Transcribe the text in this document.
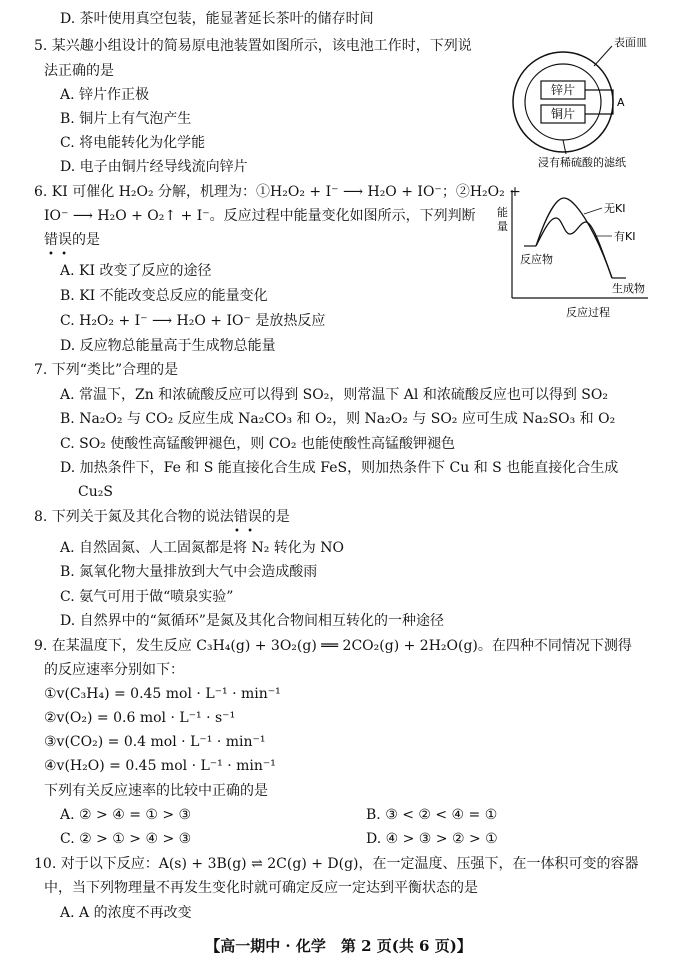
D. 茶叶使用真空包装，能显著延长茶叶的储存时间
5. 某兴趣小组设计的简易原电池装置如图所示，该电池工作时，下列说
法正确的是
A. 锌片作正极
B. 铜片上有气泡产生
C. 将电能转化为化学能
D. 电子由铜片经导线流向锌片
锌片
铜片
A
表面皿
浸有稀硫酸的滤纸
6. KI 可催化 H₂O₂ 分解，机理为：①H₂O₂ + I⁻ ⟶ H₂O + IO⁻；②H₂O₂ +
IO⁻ ⟶ H₂O + O₂↑ + I⁻。反应过程中能量变化如图所示，下列判断
错误的是
• •
A. KI 改变了反应的途径
B. KI 不能改变总反应的能量变化
C. H₂O₂ + I⁻ ⟶ H₂O + IO⁻ 是放热反应
D. 反应物总能量高于生成物总能量
能
量
无KI
有KI
反应物
生成物
反应过程
7. 下列“类比”合理的是
A. 常温下，Zn 和浓硫酸反应可以得到 SO₂，则常温下 Al 和浓硫酸反应也可以得到 SO₂
B. Na₂O₂ 与 CO₂ 反应生成 Na₂CO₃ 和 O₂，则 Na₂O₂ 与 SO₂ 应可生成 Na₂SO₃ 和 O₂
C. SO₂ 使酸性高锰酸钾褪色，则 CO₂ 也能使酸性高锰酸钾褪色
D. 加热条件下，Fe 和 S 能直接化合生成 FeS，则加热条件下 Cu 和 S 也能直接化合生成
Cu₂S
8. 下列关于氮及其化合物的说法错误的是
• •
A. 自然固氮、人工固氮都是将 N₂ 转化为 NO
B. 氮氧化物大量排放到大气中会造成酸雨
C. 氨气可用于做“喷泉实验”
D. 自然界中的“氮循环”是氮及其化合物间相互转化的一种途径
9. 在某温度下，发生反应 C₃H₄(g) + 3O₂(g) ══ 2CO₂(g) + 2H₂O(g)。在四种不同情况下测得
的反应速率分别如下：
①v(C₃H₄) = 0.45 mol · L⁻¹ · min⁻¹
②v(O₂) = 0.6 mol · L⁻¹ · s⁻¹
③v(CO₂) = 0.4 mol · L⁻¹ · min⁻¹
④v(H₂O) = 0.45 mol · L⁻¹ · min⁻¹
下列有关反应速率的比较中正确的是
A. ② > ④ = ① > ③	B. ③ < ② < ④ = ①
C. ② > ① > ④ > ③	D. ④ > ③ > ② > ①
10. 对于以下反应：A(s) + 3B(g) ⇌ 2C(g) + D(g)，在一定温度、压强下，在一体积可变的容器
中，当下列物理量不再发生变化时就可确定反应一定达到平衡状态的是
A. A 的浓度不再改变
【高一期中 · 化学　第 2 页(共 6 页)】
